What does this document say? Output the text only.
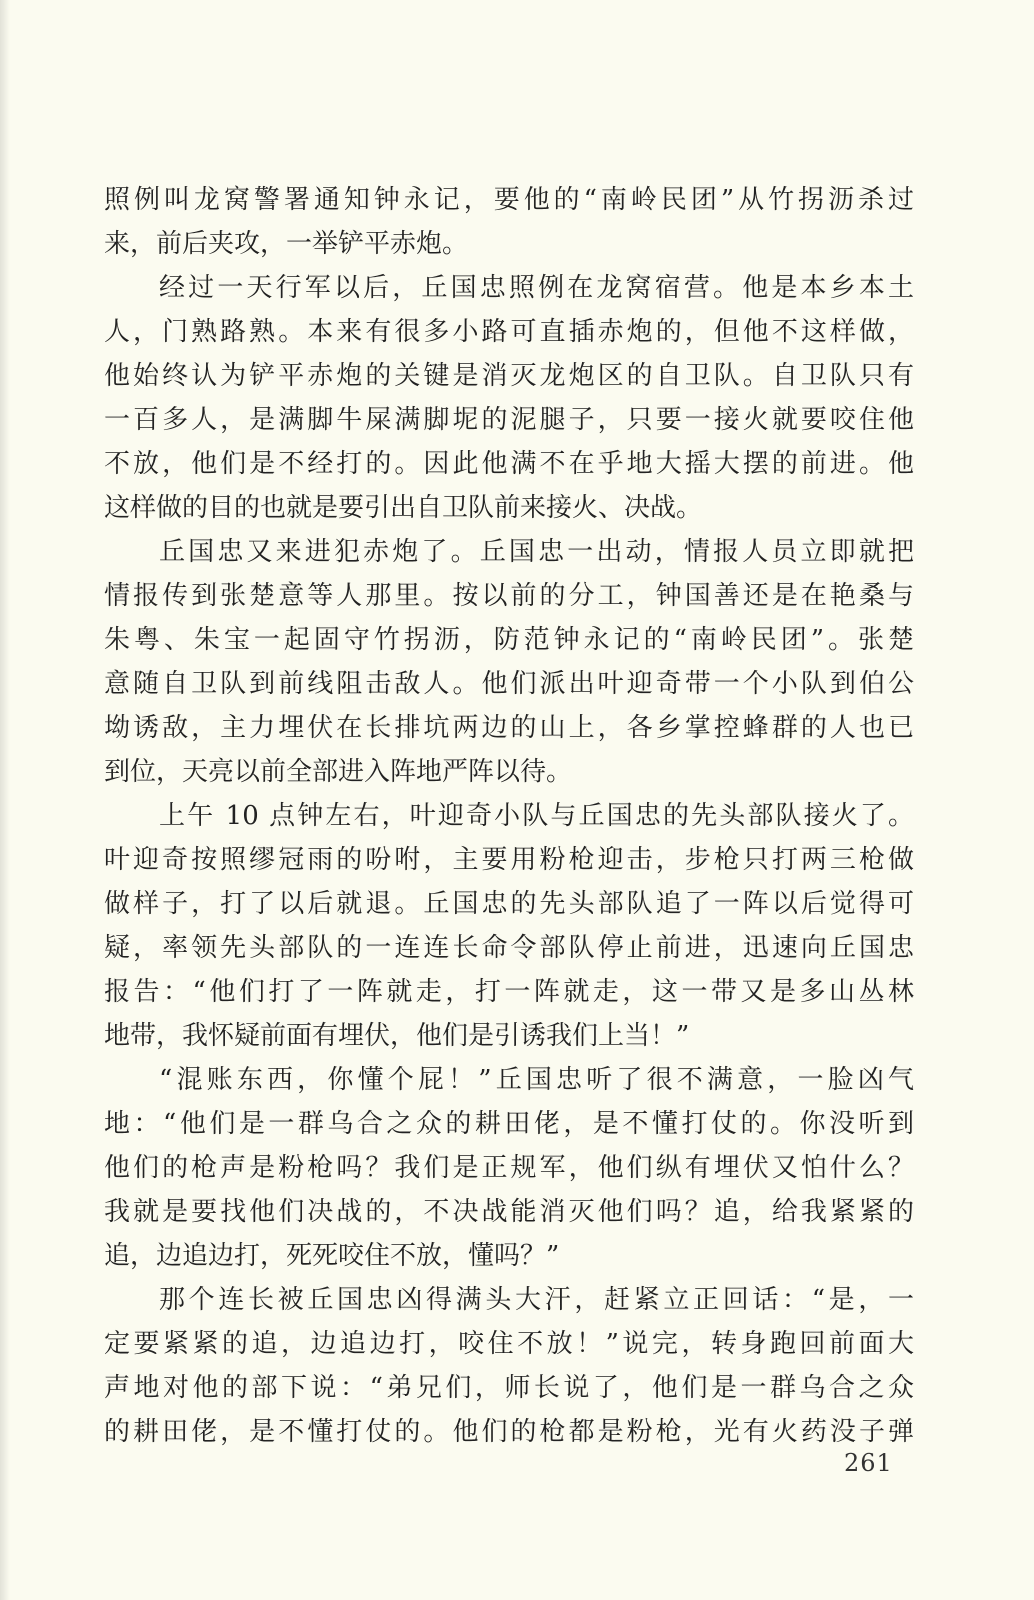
照例叫龙窝警署通知钟永记，要他的“南岭民团”从竹拐沥杀过
来，前后夹攻，一举铲平赤炮。
经过一天行军以后，丘国忠照例在龙窝宿营。他是本乡本土
人，门熟路熟。本来有很多小路可直插赤炮的，但他不这样做，
他始终认为铲平赤炮的关键是消灭龙炮区的自卫队。自卫队只有
一百多人，是满脚牛屎满脚坭的泥腿子，只要一接火就要咬住他
不放，他们是不经打的。因此他满不在乎地大摇大摆的前进。他
这样做的目的也就是要引出自卫队前来接火、决战。
丘国忠又来进犯赤炮了。丘国忠一出动，情报人员立即就把
情报传到张楚意等人那里。按以前的分工，钟国善还是在艳桑与
朱粤、朱宝一起固守竹拐沥，防范钟永记的“南岭民团”。张楚
意随自卫队到前线阻击敌人。他们派出叶迎奇带一个小队到伯公
坳诱敌，主力埋伏在长排坑两边的山上，各乡掌控蜂群的人也已
到位，天亮以前全部进入阵地严阵以待。
上午 10 点钟左右，叶迎奇小队与丘国忠的先头部队接火了。
叶迎奇按照缪冠雨的吩咐，主要用粉枪迎击，步枪只打两三枪做
做样子，打了以后就退。丘国忠的先头部队追了一阵以后觉得可
疑，率领先头部队的一连连长命令部队停止前进，迅速向丘国忠
报告：“他们打了一阵就走，打一阵就走，这一带又是多山丛林
地带，我怀疑前面有埋伏，他们是引诱我们上当！”
“混账东西，你懂个屁！”丘国忠听了很不满意，一脸凶气
地：“他们是一群乌合之众的耕田佬，是不懂打仗的。你没听到
他们的枪声是粉枪吗？我们是正规军，他们纵有埋伏又怕什么？
我就是要找他们决战的，不决战能消灭他们吗？追，给我紧紧的
追，边追边打，死死咬住不放，懂吗？”
那个连长被丘国忠凶得满头大汗，赶紧立正回话：“是，一
定要紧紧的追，边追边打，咬住不放！”说完，转身跑回前面大
声地对他的部下说：“弟兄们，师长说了，他们是一群乌合之众
的耕田佬，是不懂打仗的。他们的枪都是粉枪，光有火药没子弹
261
